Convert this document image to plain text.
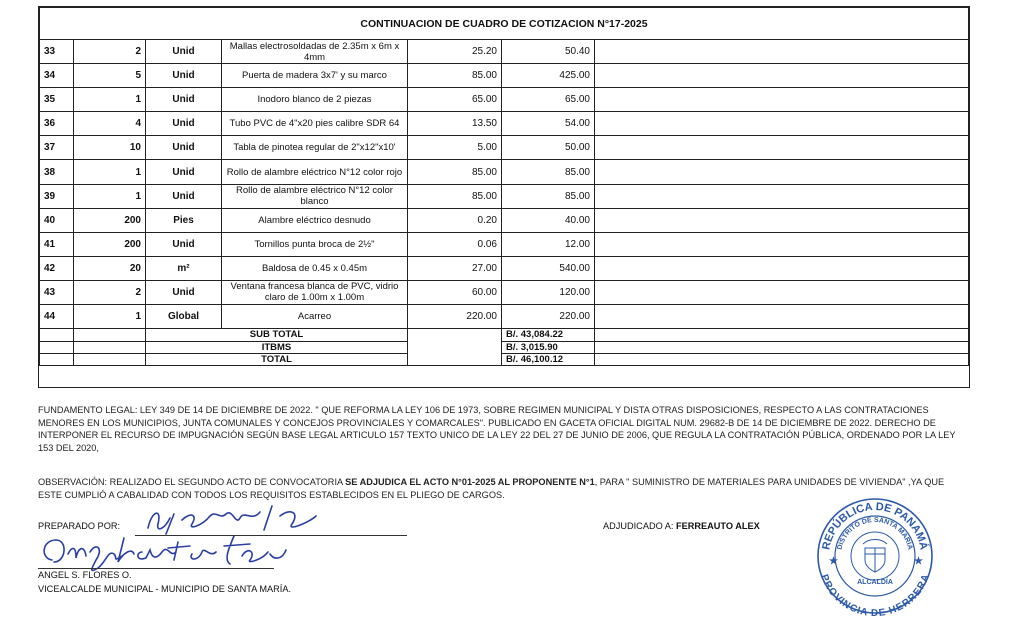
CONTINUACION DE CUADRO DE COTIZACION N°17-2025						
33	2	Unid	Mallas electrosoldadas de 2.35m x 6m x 4mm	25.20	50.40	
34	5	Unid	Puerta de madera 3x7' y su marco	85.00	425.00	
35	1	Unid	Inodoro blanco de 2 piezas	65.00	65.00	
36	4	Unid	Tubo PVC de 4"x20 pies calibre SDR 64	13.50	54.00	
37	10	Unid	Tabla de pinotea regular de 2"x12"x10'	5.00	50.00	
38	1	Unid	Rollo de alambre eléctrico N°12 color rojo	85.00	85.00	
39	1	Unid	Rollo de alambre eléctrico N°12 color blanco	85.00	85.00	
40	200	Pies	Alambre eléctrico desnudo	0.20	40.00	
41	200	Unid	Tornillos punta broca de 2½"	0.06	12.00	
42	20	m²	Baldosa de 0.45 x 0.45m	27.00	540.00	
43	2	Unid	Ventana francesa blanca de PVC, vidrio claro de 1.00m x 1.00m	60.00	120.00	
44	1	Global	Acarreo	220.00	220.00	
		SUB TOTAL			B/. 43,084.22	
		ITBMS			B/. 3,015.90	
		TOTAL			B/. 46,100.12	
FUNDAMENTO LEGAL: LEY 349 DE 14 DE DICIEMBRE DE 2022. " QUE REFORMA LA LEY 106 DE 1973, SOBRE REGIMEN MUNICIPAL Y DISTA OTRAS DISPOSICIONES, RESPECTO A LAS CONTRATACIONES MENORES EN LOS MUNICIPIOS, JUNTA COMUNALES Y CONCEJOS PROVINCIALES Y COMARCALES". PUBLICADO EN GACETA OFICIAL DIGITAL NUM. 29682-B DE 14 DE DICIEMBRE DE 2022. DERECHO DE INTERPONER EL RECURSO DE IMPUGNACIÓN SEGÚN BASE LEGAL ARTICULO 157 TEXTO UNICO DE LA LEY 22 DEL 27 DE JUNIO DE 2006, QUE REGULA LA CONTRATACIÓN PÚBLICA, ORDENADO POR LA LEY 153 DEL 2020,
OBSERVACIÓN: REALIZADO EL SEGUNDO ACTO DE CONVOCATORIA SE ADJUDICA EL ACTO N°01-2025 AL PROPONENTE N°1, PARA " SUMINISTRO DE MATERIALES PARA UNIDADES DE VIVIENDA" ,YA QUE ESTE CUMPLIÓ A CABALIDAD CON TODOS LOS REQUISITOS ESTABLECIDOS EN EL PLIEGO DE CARGOS.
PREPARADO POR:
ANGEL S. FLORES O.
VICEALCALDE MUNICIPAL - MUNICIPIO DE SANTA MARÍA.
ADJUDICADO A: FERREAUTO ALEX
REPÚBLICA DE PANAMÁ
DISTRITO DE SANTA MARÍA
PROVINCIA DE HERRERA
ALCALDÍA
★	★
